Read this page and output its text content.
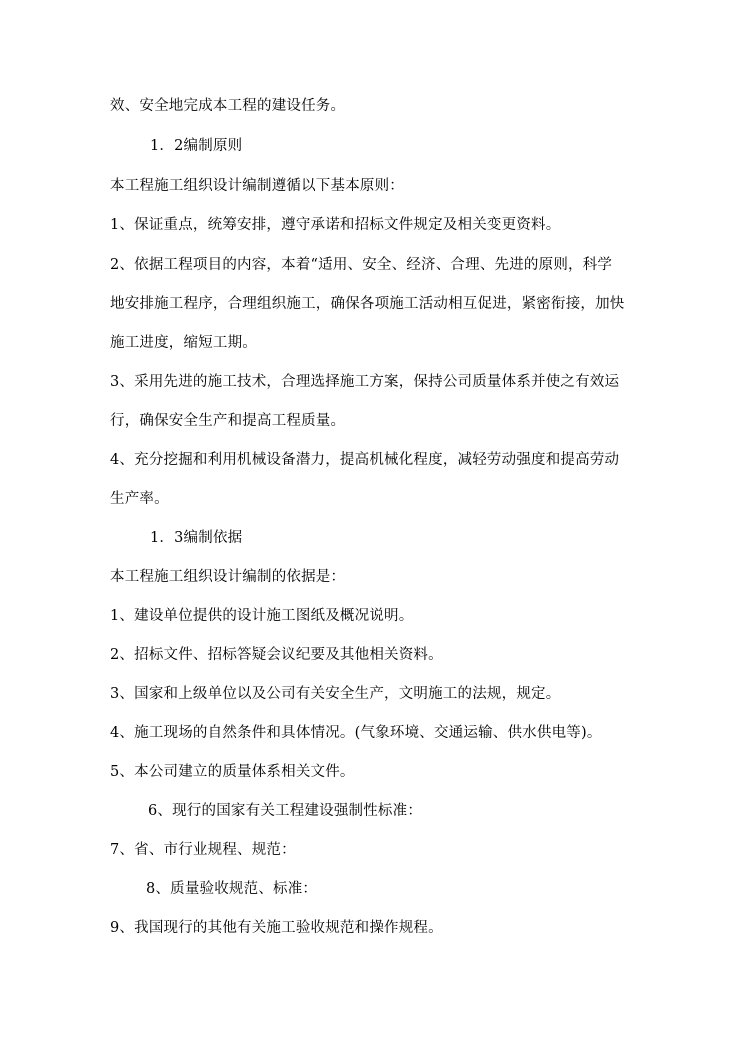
效、安全地完成本工程的建设任务。
1．2编制原则
本工程施工组织设计编制遵循以下基本原则：
1、保证重点，统筹安排，遵守承诺和招标文件规定及相关变更资料。
2、依据工程项目的内容，本着“适用、安全、经济、合理、先进的原则，科学
地安排施工程序，合理组织施工，确保各项施工活动相互促进，紧密衔接，加快
施工进度，缩短工期。
3、采用先进的施工技术，合理选择施工方案，保持公司质量体系并使之有效运
行，确保安全生产和提高工程质量。
4、充分挖掘和利用机械设备潜力，提高机械化程度，减轻劳动强度和提高劳动
生产率。
1．3编制依据
本工程施工组织设计编制的依据是：
1、建设单位提供的设计施工图纸及概况说明。
2、招标文件、招标答疑会议纪要及其他相关资料。
3、国家和上级单位以及公司有关安全生产，文明施工的法规，规定。
4、施工现场的自然条件和具体情况。(气象环境、交通运输、供水供电等)。
5、本公司建立的质量体系相关文件。
6、现行的国家有关工程建设强制性标准：
7、省、市行业规程、规范：
8、质量验收规范、标准：
9、我国现行的其他有关施工验收规范和操作规程。
